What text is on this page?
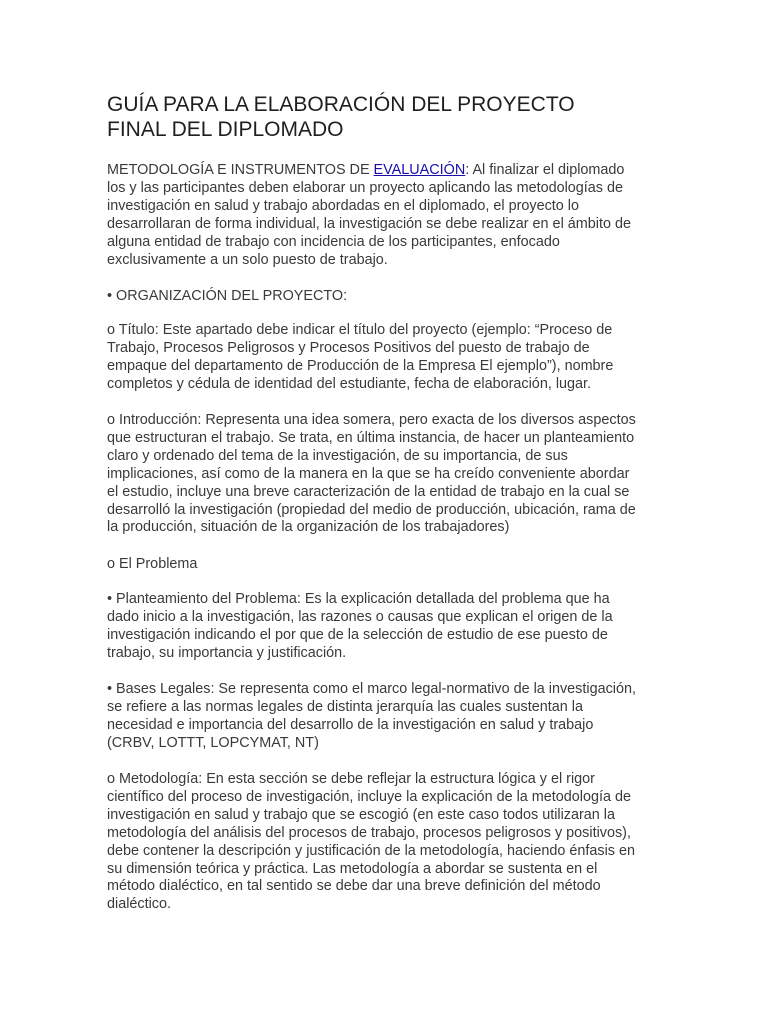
GUÍA PARA LA ELABORACIÓN DEL PROYECTO
FINAL DEL DIPLOMADO

METODOLOGÍA E INSTRUMENTOS DE EVALUACIÓN: Al finalizar el diplomado
los y las participantes deben elaborar un proyecto aplicando las metodologías de
investigación en salud y trabajo abordadas en el diplomado, el proyecto lo
desarrollaran de forma individual, la investigación se debe realizar en el ámbito de
alguna entidad de trabajo con incidencia de los participantes, enfocado
exclusivamente a un solo puesto de trabajo.

• ORGANIZACIÓN DEL PROYECTO:

o Título: Este apartado debe indicar el título del proyecto (ejemplo: “Proceso de
Trabajo, Procesos Peligrosos y Procesos Positivos del puesto de trabajo de
empaque del departamento de Producción de la Empresa El ejemplo”), nombre
completos y cédula de identidad del estudiante, fecha de elaboración, lugar.

o Introducción: Representa una idea somera, pero exacta de los diversos aspectos
que estructuran el trabajo. Se trata, en última instancia, de hacer un planteamiento
claro y ordenado del tema de la investigación, de su importancia, de sus
implicaciones, así como de la manera en la que se ha creído conveniente abordar
el estudio, incluye una breve caracterización de la entidad de trabajo en la cual se
desarrolló la investigación (propiedad del medio de producción, ubicación, rama de
la producción, situación de la organización de los trabajadores)

o El Problema

• Planteamiento del Problema: Es la explicación detallada del problema que ha
dado inicio a la investigación, las razones o causas que explican el origen de la
investigación indicando el por que de la selección de estudio de ese puesto de
trabajo, su importancia y justificación.

• Bases Legales: Se representa como el marco legal-normativo de la investigación,
se refiere a las normas legales de distinta jerarquía las cuales sustentan la
necesidad e importancia del desarrollo de la investigación en salud y trabajo
(CRBV, LOTTT, LOPCYMAT, NT)

o Metodología: En esta sección se debe reflejar la estructura lógica y el rigor
científico del proceso de investigación, incluye la explicación de la metodología de
investigación en salud y trabajo que se escogió (en este caso todos utilizaran la
metodología del análisis del procesos de trabajo, procesos peligrosos y positivos),
debe contener la descripción y justificación de la metodología, haciendo énfasis en
su dimensión teórica y práctica. Las metodología a abordar se sustenta en el
método dialéctico, en tal sentido se debe dar una breve definición del método
dialéctico.
